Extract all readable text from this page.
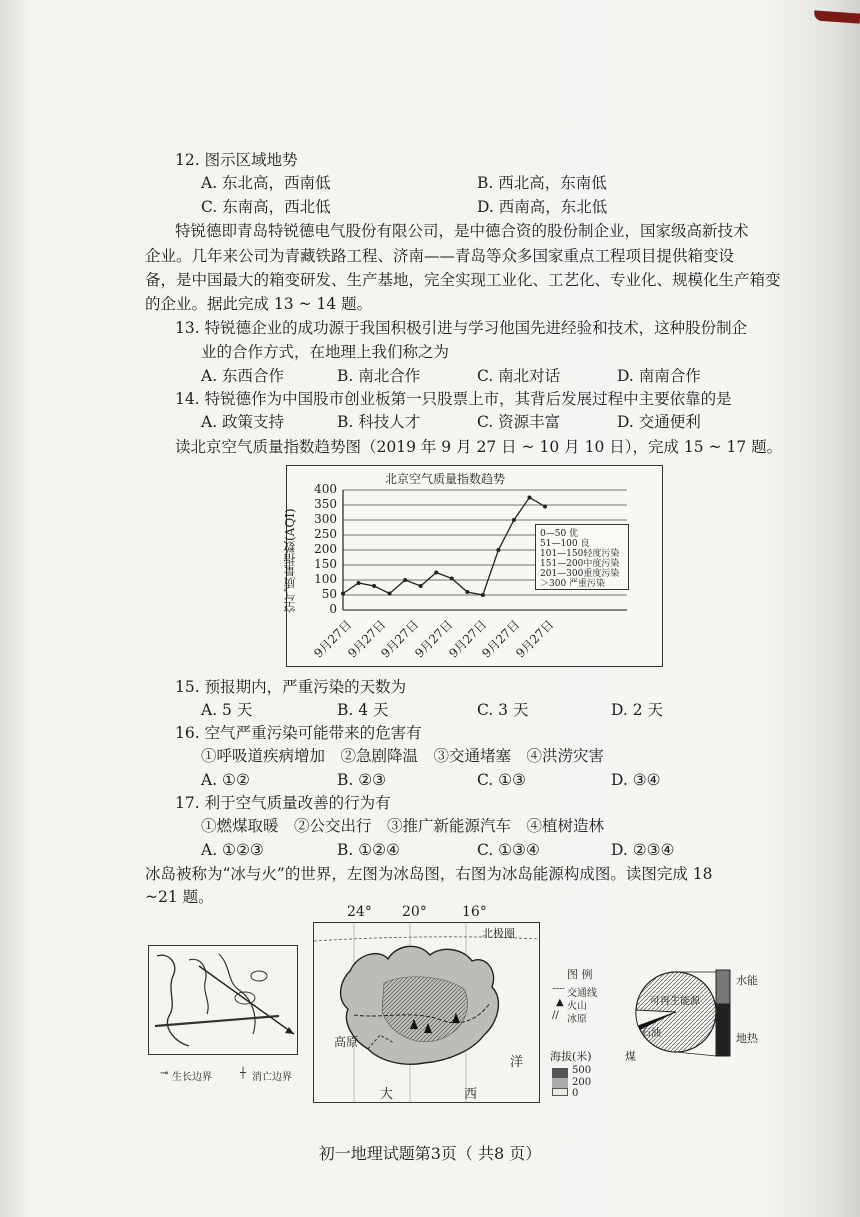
12. 图示区域地势
A. 东北高，西南低	B. 西北高，东南低
C. 东南高，西北低	D. 西南高，东北低
特锐德即青岛特锐德电气股份有限公司，是中德合资的股份制企业，国家级高新技术
企业。几年来公司为青藏铁路工程、济南——青岛等众多国家重点工程项目提供箱变设
备，是中国最大的箱变研发、生产基地，完全实现工业化、工艺化、专业化、规模化生产箱变
的企业。据此完成 13 ~ 14 题。
13. 特锐德企业的成功源于我国积极引进与学习他国先进经验和技术，这种股份制企
业的合作方式，在地理上我们称之为
A. 东西合作	B. 南北合作	C. 南北对话	D. 南南合作
14. 特锐德作为中国股市创业板第一只股票上市，其背后发展过程中主要依靠的是
A. 政策支持	B. 科技人才	C. 资源丰富	D. 交通便利
读北京空气质量指数趋势图（2019 年 9 月 27 日 ~ 10 月 10 日），完成 15 ~ 17 题。
北京空气质量指数趋势
空气质量指数(AQI)	0
50
100
150
200
250
300
350
400
9月27日
9月27日
9月27日
9月27日
9月27日
9月27日
9月27日
0—50 优
51—100 良
101—150轻度污染
151—200中度污染
201—300重度污染
＞300 严重污染
15. 预报期内，严重污染的天数为
A. 5 天	B. 4 天	C. 3 天	D. 2 天
16. 空气严重污染可能带来的危害有
①呼吸道疾病增加　②急剧降温　③交通堵塞　④洪涝灾害
A. ①②	B. ②③	C. ①③	D. ③④
17. 利于空气质量改善的行为有
①燃煤取暖　②公交出行　③推广新能源汽车　④植树造林
A. ①②③	B. ①②④	C. ①③④	D. ②③④
冰岛被称为“冰与火”的世界，左图为冰岛图，右图为冰岛能源构成图。读图完成 18
~21 题。
生长边界
⊸	消亡边界
┼
24° 20°	16°
北极圈
高原
大	西
洋
图 例
┈┈ 交通线
▲ 火山
// 冰原
海拔(米)
500
200
0
可再生能源
石油
煤
水能
地热
初一地理试题第3页（ 共8 页）
